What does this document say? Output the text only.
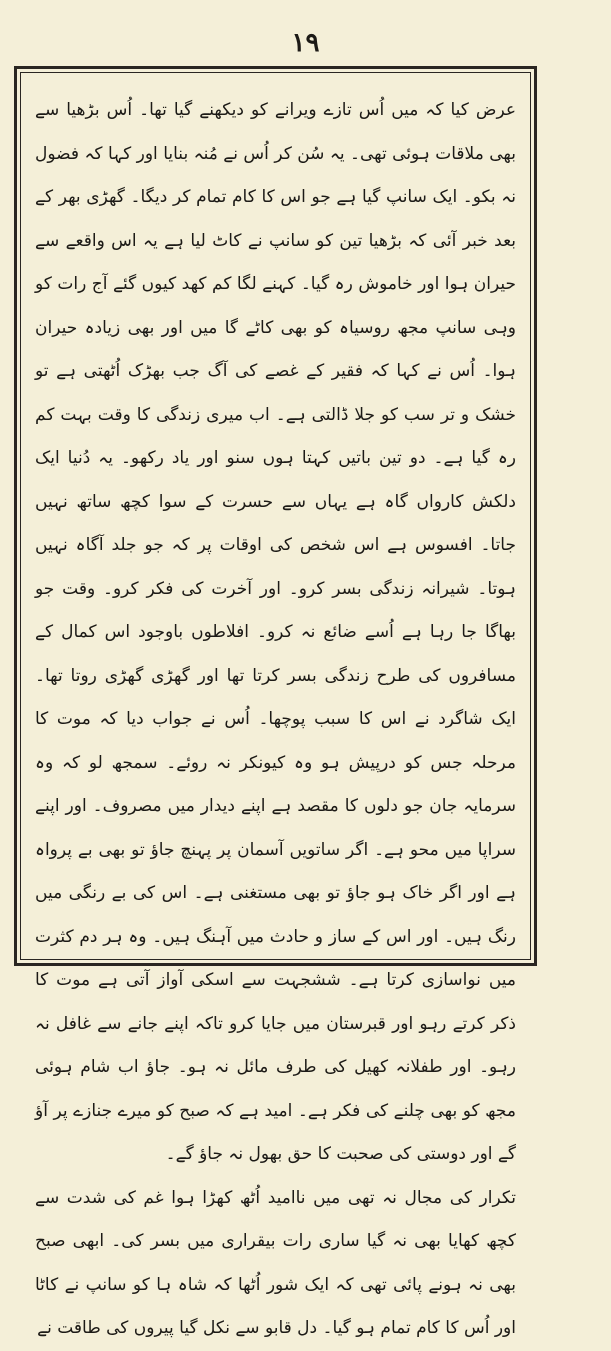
۱۹

عرض کیا کہ میں اُس تازے ویرانے کو دیکھنے گیا تھا۔ اُس بڑھیا سے بھی ملاقات ہوئی تھی۔ یہ سُن کر اُس نے مُنہ بنایا اور کہا کہ فضول نہ بکو۔ ایک سانپ گیا ہے جو اس کا کام تمام کر دیگا۔ گھڑی بھر کے بعد خبر آئی کہ بڑھیا تین کو سانپ نے کاٹ لیا ہے یہ اس واقعے سے حیران ہوا اور خاموش رہ گیا۔ کہنے لگا کم کھد کیوں گئے آج رات کو وہی سانپ مجھ روسیاہ کو بھی کاٹے گا میں اور بھی زیادہ حیران ہوا۔ اُس نے کہا کہ فقیر کے غصے کی آگ جب بھڑک اُٹھتی ہے تو خشک و تر سب کو جلا ڈالتی ہے۔ اب میری زندگی کا وقت بہت کم رہ گیا ہے۔ دو تین باتیں کہتا ہوں سنو اور یاد رکھو۔ یہ دُنیا ایک دلکش کارواں گاہ ہے یہاں سے حسرت کے سوا کچھ ساتھ نہیں جاتا۔ افسوس ہے اس شخص کی اوقات پر کہ جو جلد آگاہ نہیں ہوتا۔ شیرانہ زندگی بسر کرو۔ اور آخرت کی فکر کرو۔ وقت جو بھاگا جا رہا ہے اُسے ضائع نہ کرو۔ افلاطوں باوجود اس کمال کے مسافروں کی طرح زندگی بسر کرتا تھا اور گھڑی گھڑی روتا تھا۔ ایک شاگرد نے اس کا سبب پوچھا۔ اُس نے جواب دیا کہ موت کا مرحلہ جس کو درپیش ہو وہ کیونکر نہ روئے۔ سمجھ لو کہ وہ سرمایہ جان جو دلوں کا مقصد ہے اپنے دیدار میں مصروف۔ اور اپنے سراپا میں محو ہے۔ اگر ساتویں آسمان پر پہنچ جاؤ تو بھی بے پرواہ ہے اور اگر خاک ہو جاؤ تو بھی مستغنی ہے۔ اس کی بے رنگی میں رنگ ہیں۔ اور اس کے ساز و حادث میں آہنگ ہیں۔ وہ ہر دم کثرت میں نواسازی کرتا ہے۔ ششجہت سے اسکی آواز آتی ہے موت کا ذکر کرتے رہو اور قبرستان میں جایا کرو تاکہ اپنے جانے سے غافل نہ رہو۔ اور طفلانہ کھیل کی طرف مائل نہ ہو۔ جاؤ اب شام ہوئی مجھ کو بھی چلنے کی فکر ہے۔ امید ہے کہ صبح کو میرے جنازے پر آؤ گے اور دوستی کی صحبت کا حق بھول نہ جاؤ گے۔

تکرار کی مجال نہ تھی میں ناامید اُٹھ کھڑا ہوا غم کی شدت سے کچھ کھایا بھی نہ گیا ساری رات بیقراری میں بسر کی۔ ابھی صبح بھی نہ ہونے پائی تھی کہ ایک شور اُٹھا کہ شاہ ہا کو سانپ نے کاٹا اور اُس کا کام تمام ہو گیا۔ دل قابو سے نکل گیا پیروں کی طاقت نے
